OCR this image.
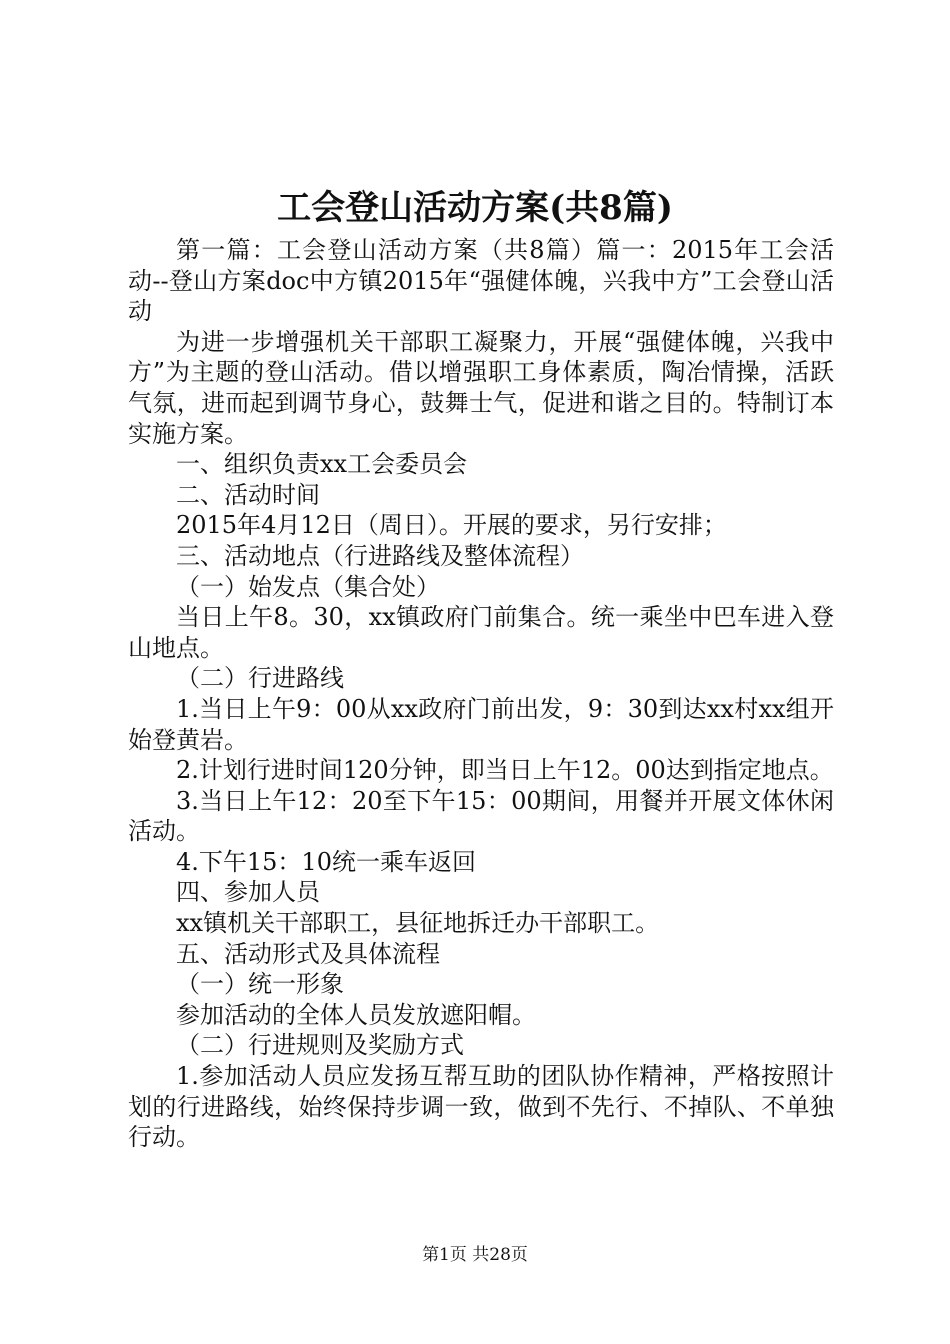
工会登山活动方案(共8篇)

第一篇：工会登山活动方案（共8篇）篇一：2015年工会活动--登山方案doc中方镇2015年“强健体魄，兴我中方”工会登山活动

为进一步增强机关干部职工凝聚力，开展“强健体魄，兴我中方”为主题的登山活动。借以增强职工身体素质，陶冶情操，活跃气氛，进而起到调节身心，鼓舞士气，促进和谐之目的。特制订本实施方案。

一、组织负责xx工会委员会

二、活动时间

2015年4月12日（周日）。开展的要求，另行安排；

三、活动地点（行进路线及整体流程）

（一）始发点（集合处）

当日上午8。30，xx镇政府门前集合。统一乘坐中巴车进入登山地点。

（二）行进路线

1.当日上午9：00从xx政府门前出发，9：30到达xx村xx组开始登黄岩。

2.计划行进时间120分钟，即当日上午12。00达到指定地点。

3.当日上午12：20至下午15：00期间，用餐并开展文体休闲活动。

4.下午15：10统一乘车返回

四、参加人员

xx镇机关干部职工，县征地拆迁办干部职工。

五、活动形式及具体流程

（一）统一形象

参加活动的全体人员发放遮阳帽。

（二）行进规则及奖励方式

1.参加活动人员应发扬互帮互助的团队协作精神，严格按照计划的行进路线，始终保持步调一致，做到不先行、不掉队、不单独行动。

第1页 共28页
